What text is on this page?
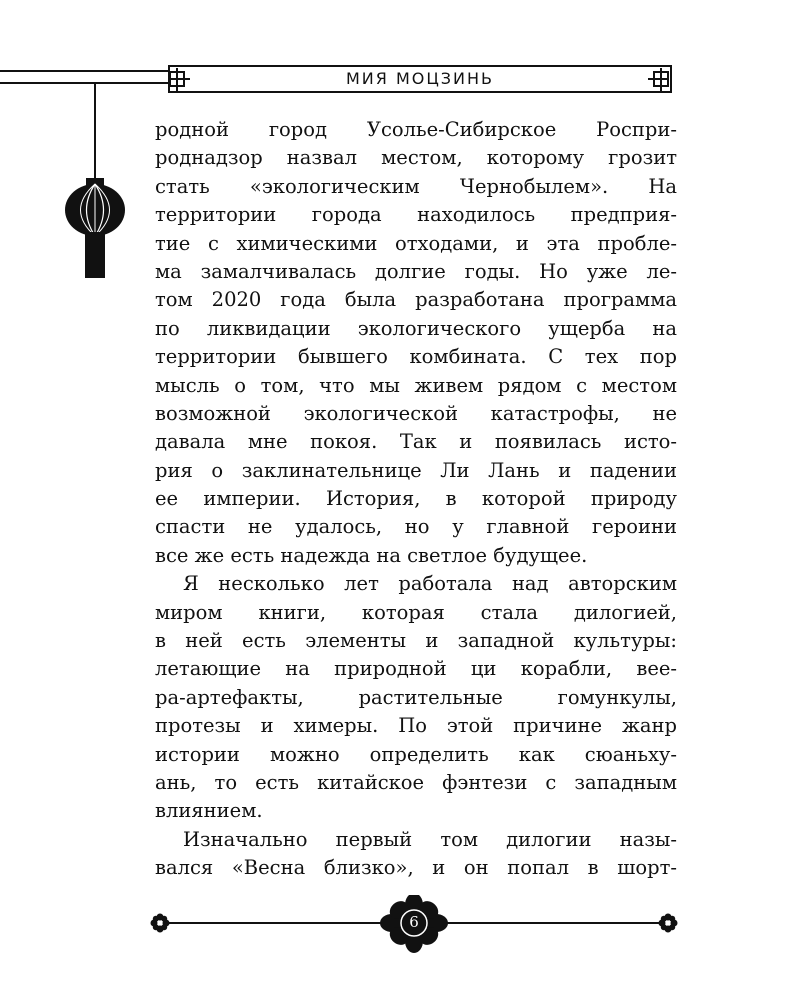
МИЯ МОЦЗИНЬ
родной город Усолье-Сибирское Роспри-
роднадзор назвал местом, которому грозит
стать «экологическим Чернобылем». На
территории города находилось предприя-
тие с химическими отходами, и эта пробле-
ма замалчивалась долгие годы. Но уже ле-
том 2020 года была разработана программа
по ликвидации экологического ущерба на
территории бывшего комбината. С тех пор
мысль о том, что мы живем рядом с местом
возможной экологической катастрофы, не
давала мне покоя. Так и появилась исто-
рия о заклинательнице Ли Лань и падении
ее империи. История, в которой природу
спасти не удалось, но у главной героини
все же есть надежда на светлое будущее.
Я несколько лет работала над авторским
миром книги, которая стала дилогией,
в ней есть элементы и западной культуры:
летающие на природной ци корабли, вее-
ра-артефакты, растительные гомункулы,
протезы и химеры. По этой причине жанр
истории можно определить как сюаньху-
ань, то есть китайское фэнтези с западным
влиянием.
Изначально первый том дилогии назы-
вался «Весна близко», и он попал в шорт-
6
